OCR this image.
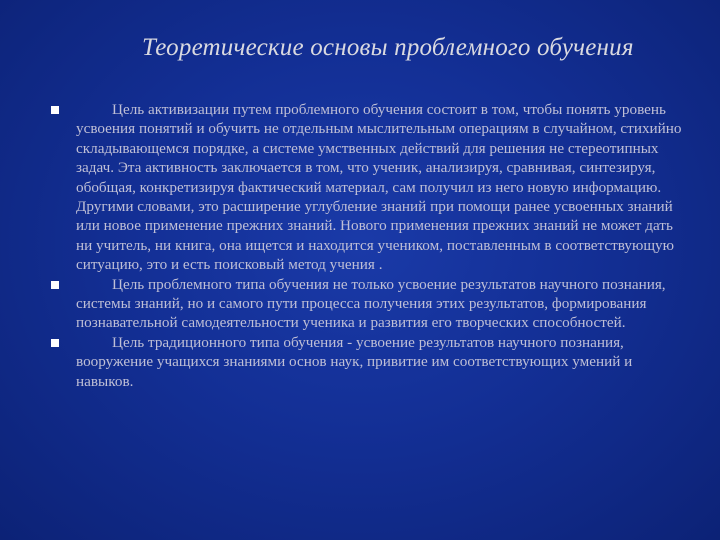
Теоретические основы проблемного обучения
Цель активизации путем проблемного обучения состоит в том, чтобы понять уровень усвоения понятий и обучить не отдельным мыслительным операциям в случайном, стихийно складывающемся порядке, а системе умственных действий для решения не стереотипных задач. Эта активность заключается в том, что ученик, анализируя, сравнивая, синтезируя, обобщая, конкретизируя фактический материал, сам получил из него новую информацию. Другими словами, это расширение углубление знаний при помощи ранее усвоенных знаний или новое применение прежних знаний. Нового применения прежних знаний не может дать ни учитель, ни книга, она ищется и находится учеником, поставленным в соответствующую ситуацию, это и есть поисковый метод учения .
Цель проблемного типа обучения не только усвоение результатов научного познания, системы знаний, но и самого пути процесса получения этих результатов, формирования познавательной самодеятельности ученика и развития его творческих способностей.
Цель традиционного типа обучения - усвоение результатов научного познания, вооружение учащихся знаниями основ наук, привитие им соответствующих умений и навыков.
